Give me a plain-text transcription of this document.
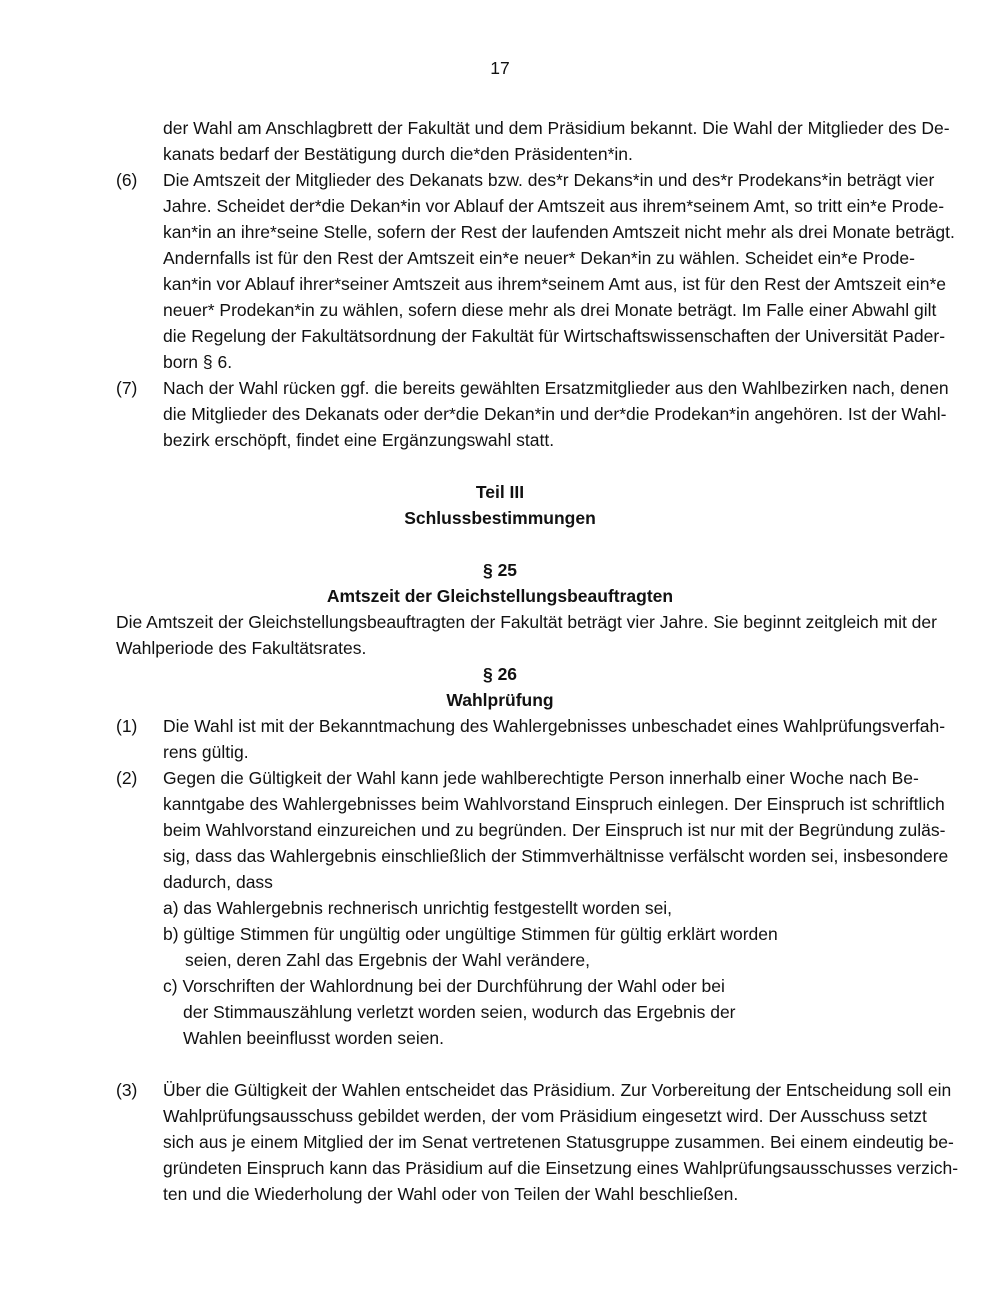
17
der Wahl am Anschlagbrett der Fakultät und dem Präsidium bekannt. Die Wahl der Mitglieder des De-
kanats bedarf der Bestätigung durch die*den Präsidenten*in.
(6) Die Amtszeit der Mitglieder des Dekanats bzw. des*r Dekans*in und des*r Prodekans*in beträgt vier
Jahre. Scheidet der*die Dekan*in vor Ablauf der Amtszeit aus ihrem*seinem Amt, so tritt ein*e Prode-
kan*in an ihre*seine Stelle, sofern der Rest der laufenden Amtszeit nicht mehr als drei Monate beträgt.
Andernfalls ist für den Rest der Amtszeit ein*e neuer* Dekan*in zu wählen. Scheidet ein*e Prode-
kan*in vor Ablauf ihrer*seiner Amtszeit aus ihrem*seinem Amt aus, ist für den Rest der Amtszeit ein*e
neuer* Prodekan*in zu wählen, sofern diese mehr als drei Monate beträgt. Im Falle einer Abwahl gilt
die Regelung der Fakultätsordnung der Fakultät für Wirtschaftswissenschaften der Universität Pader-
born § 6.
(7) Nach der Wahl rücken ggf. die bereits gewählten Ersatzmitglieder aus den Wahlbezirken nach, denen
die Mitglieder des Dekanats oder der*die Dekan*in und der*die Prodekan*in angehören. Ist der Wahl-
bezirk erschöpft, findet eine Ergänzungswahl statt.
Teil III
Schlussbestimmungen
§ 25
Amtszeit der Gleichstellungsbeauftragten
Die Amtszeit der Gleichstellungsbeauftragten der Fakultät beträgt vier Jahre. Sie beginnt zeitgleich mit der
Wahlperiode des Fakultätsrates.
§ 26
Wahlprüfung
(1) Die Wahl ist mit der Bekanntmachung des Wahlergebnisses unbeschadet eines Wahlprüfungsverfah-
rens gültig.
(2) Gegen die Gültigkeit der Wahl kann jede wahlberechtigte Person innerhalb einer Woche nach Be-
kanntgabe des Wahlergebnisses beim Wahlvorstand Einspruch einlegen. Der Einspruch ist schriftlich
beim Wahlvorstand einzureichen und zu begründen. Der Einspruch ist nur mit der Begründung zuläs-
sig, dass das Wahlergebnis einschließlich der Stimmverhältnisse verfälscht worden sei, insbesondere
dadurch, dass
a) das Wahlergebnis rechnerisch unrichtig festgestellt worden sei,
b) gültige Stimmen für ungültig oder ungültige Stimmen für gültig erklärt worden
seien, deren Zahl das Ergebnis der Wahl verändere,
c) Vorschriften der Wahlordnung bei der Durchführung der Wahl oder bei
der Stimmauszählung verletzt worden seien, wodurch das Ergebnis der
Wahlen beeinflusst worden seien.
(3) Über die Gültigkeit der Wahlen entscheidet das Präsidium. Zur Vorbereitung der Entscheidung soll ein
Wahlprüfungsausschuss gebildet werden, der vom Präsidium eingesetzt wird. Der Ausschuss setzt
sich aus je einem Mitglied der im Senat vertretenen Statusgruppe zusammen. Bei einem eindeutig be-
gründeten Einspruch kann das Präsidium auf die Einsetzung eines Wahlprüfungsausschusses verzich-
ten und die Wiederholung der Wahl oder von Teilen der Wahl beschließen.
